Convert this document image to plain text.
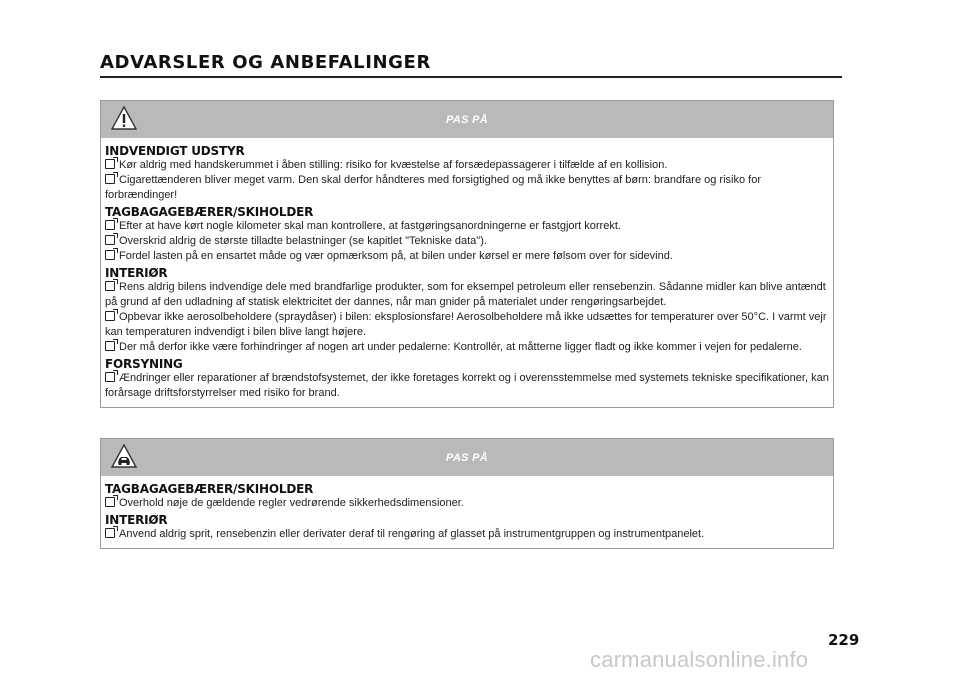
ADVARSLER OG ANBEFALINGER
PAS PÅ
INDVENDIGT UDSTYR

Kør aldrig med handskerummet i åben stilling: risiko for kvæstelse af forsædepassagerer i tilfælde af en kollision.

Cigarettænderen bliver meget varm. Den skal derfor håndteres med forsigtighed og må ikke benyttes af børn: brandfare og risiko for forbrændinger!

TAGBAGAGEBÆRER/SKIHOLDER

Efter at have kørt nogle kilometer skal man kontrollere, at fastgøringsanordningerne er fastgjort korrekt.

Overskrid aldrig de største tilladte belastninger (se kapitlet "Tekniske data").

Fordel lasten på en ensartet måde og vær opmærksom på, at bilen under kørsel er mere følsom over for sidevind.

INTERIØR

Rens aldrig bilens indvendige dele med brandfarlige produkter, som for eksempel petroleum eller rensebenzin. Sådanne midler kan blive antændt på grund af den udladning af statisk elektricitet der dannes, når man gnider på materialet under rengøringsarbejdet.

Opbevar ikke aerosolbeholdere (spraydåser) i bilen: eksplosionsfare! Aerosolbeholdere må ikke udsættes for temperaturer over 50°C. I varmt vejr kan temperaturen indvendigt i bilen blive langt højere.

Der må derfor ikke være forhindringer af nogen art under pedalerne: Kontrollér, at måtterne ligger fladt og ikke kommer i vejen for pedalerne.

FORSYNING

Ændringer eller reparationer af brændstofsystemet, der ikke foretages korrekt og i overensstemmelse med systemets tekniske specifikationer, kan forårsage driftsforstyrrelser med risiko for brand.

PAS PÅ
TAGBAGAGEBÆRER/SKIHOLDER

Overhold nøje de gældende regler vedrørende sikkerhedsdimensioner.

INTERIØR

Anvend aldrig sprit, rensebenzin eller derivater deraf til rengøring af glasset på instrumentgruppen og instrumentpanelet.

229
carmanualsonline.info
